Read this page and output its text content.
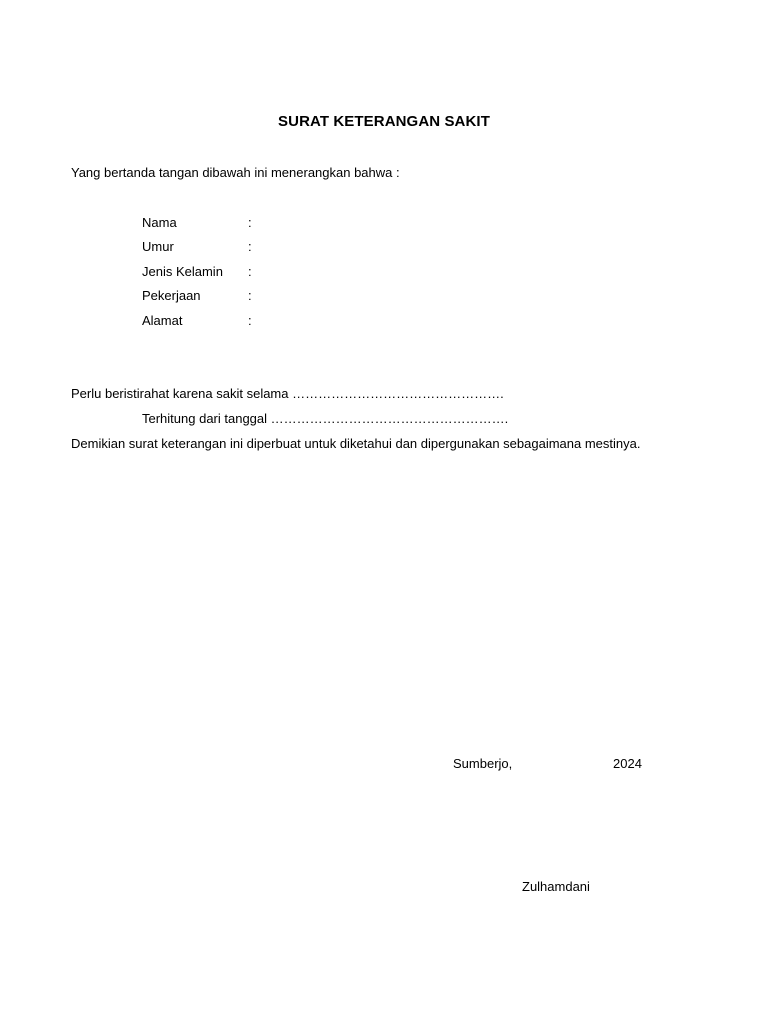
SURAT KETERANGAN SAKIT
Yang bertanda tangan dibawah ini menerangkan bahwa :
Nama	:
Umur	:
Jenis Kelamin :
Pekerjaan	:
Alamat	:
Perlu beristirahat karena sakit selama ………………………………………….
Terhitung dari tanggal ……………………………………………….
Demikian surat keterangan ini diperbuat untuk diketahui dan dipergunakan sebagaimana mestinya.
Sumberjo,	2024
Zulhamdani
